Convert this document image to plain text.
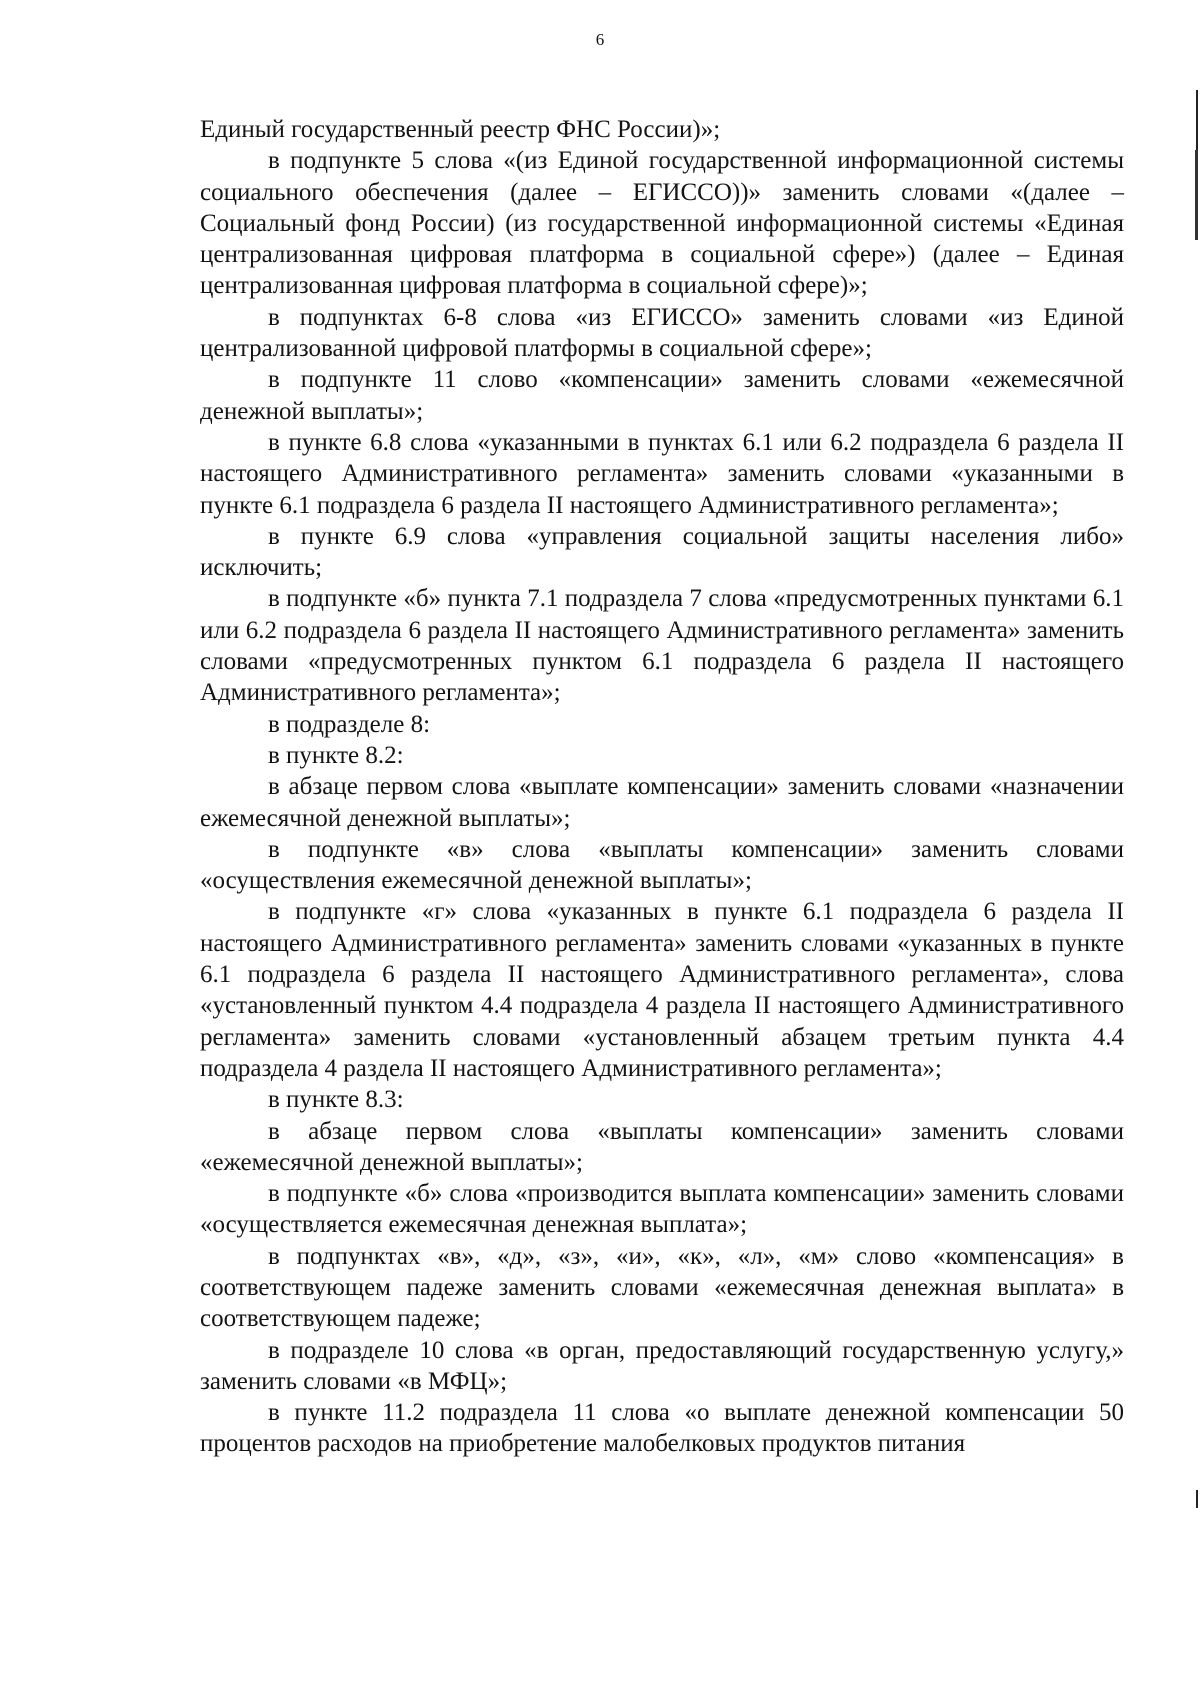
6

Единый государственный реестр ФНС России)»;

в подпункте 5 слова «(из Единой государственной информационной системы социального обеспечения (далее – ЕГИССО))» заменить словами «(далее – Социальный фонд России) (из государственной информационной системы «Единая централизованная цифровая платформа в социальной сфере») (далее – Единая централизованная цифровая платформа в социальной сфере)»;

в подпунктах 6-8 слова «из ЕГИССО» заменить словами «из Единой централизованной цифровой платформы в социальной сфере»;

в подпункте 11 слово «компенсации» заменить словами «ежемесячной денежной выплаты»;

в пункте 6.8 слова «указанными в пунктах 6.1 или 6.2 подраздела 6 раздела II настоящего Административного регламента» заменить словами «указанными в пункте 6.1 подраздела 6 раздела II настоящего Административного регламента»;

в пункте 6.9 слова «управления социальной защиты населения либо» исключить;

в подпункте «б» пункта 7.1 подраздела 7 слова «предусмотренных пунктами 6.1 или 6.2 подраздела 6 раздела II настоящего Административного регламента» заменить словами «предусмотренных пунктом 6.1 подраздела 6 раздела II настоящего Административного регламента»;

в подразделе 8:

в пункте 8.2:

в абзаце первом слова «выплате компенсации» заменить словами «назначении ежемесячной денежной выплаты»;

в подпункте «в» слова «выплаты компенсации» заменить словами «осуществления ежемесячной денежной выплаты»;

в подпункте «г» слова «указанных в пункте 6.1 подраздела 6 раздела II настоящего Административного регламента» заменить словами «указанных в пункте 6.1 подраздела 6 раздела II настоящего Административного регламента», слова «установленный пунктом 4.4 подраздела 4 раздела II настоящего Административного регламента» заменить словами «установленный абзацем третьим пункта 4.4 подраздела 4 раздела II настоящего Административного регламента»;

в пункте 8.3:

в абзаце первом слова «выплаты компенсации» заменить словами «ежемесячной денежной выплаты»;

в подпункте «б» слова «производится выплата компенсации» заменить словами «осуществляется ежемесячная денежная выплата»;

в подпунктах «в», «д», «з», «и», «к», «л», «м» слово «компенсация» в соответствующем падеже заменить словами «ежемесячная денежная выплата» в соответствующем падеже;

в подразделе 10 слова «в орган, предоставляющий государственную услугу,» заменить словами «в МФЦ»;

в пункте 11.2 подраздела 11 слова «о выплате денежной компенсации 50 процентов расходов на приобретение малобелковых продуктов питания
